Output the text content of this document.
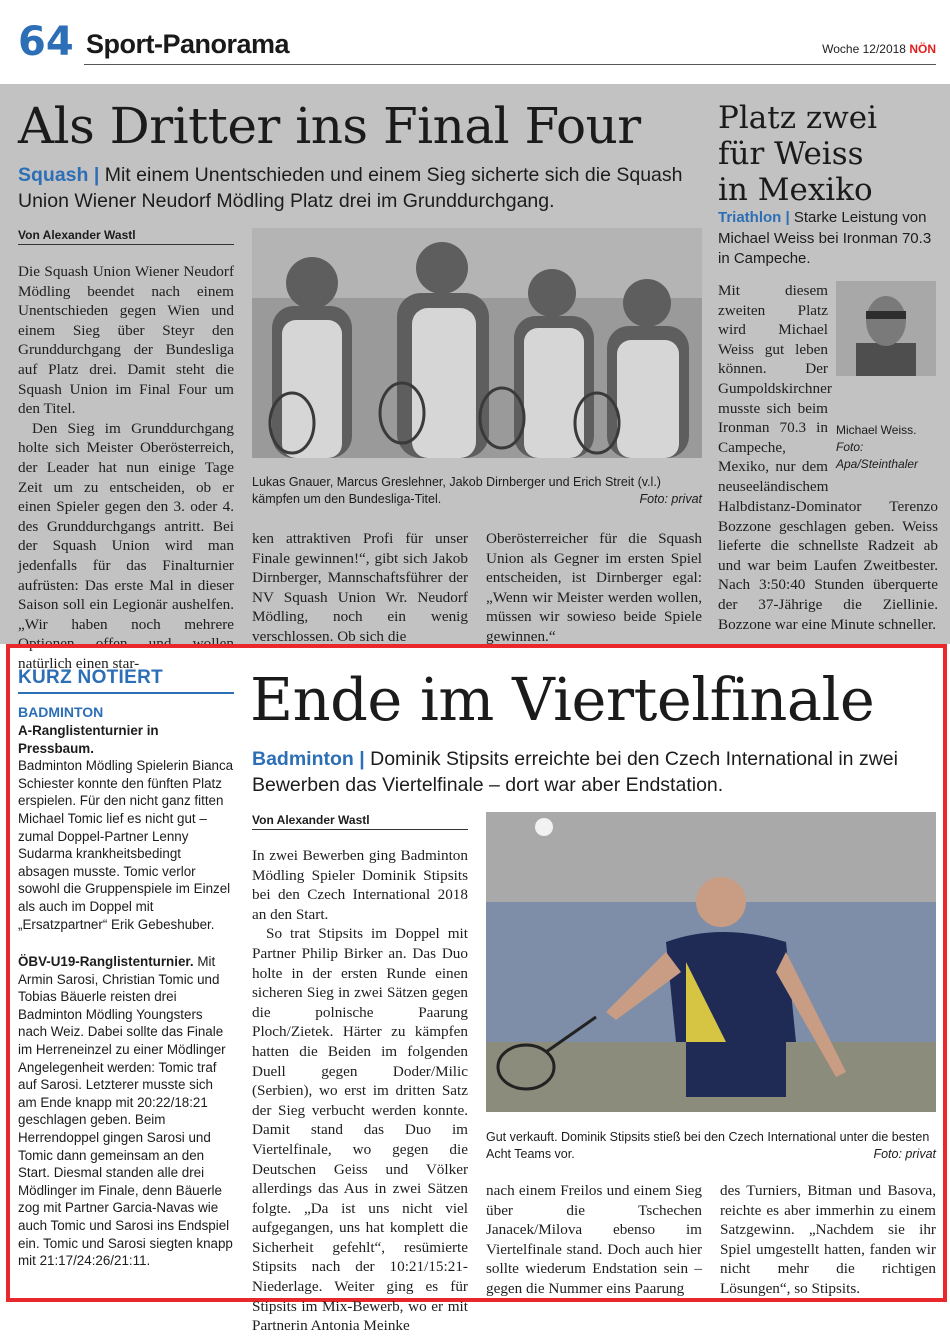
64 Sport-Panorama	Woche 12/2018 NÖN
Als Dritter ins Final Four
Squash | Mit einem Unentschieden und einem Sieg sicherte sich die Squash Union Wiener Neudorf Mödling Platz drei im Grunddurchgang.
Von Alexander Wastl
Die Squash Union Wiener Neudorf Mödling beendet nach einem Unentschieden gegen Wien und einem Sieg über Steyr den Grunddurchgang der Bundesliga auf Platz drei. Damit steht die Squash Union im Final Four um den Titel.
Den Sieg im Grunddurchgang holte sich Meister Oberösterreich, der Leader hat nun einige Tage Zeit um zu entscheiden, ob er einen Spieler gegen den 3. oder 4. des Grunddurchgangs antritt. Bei der Squash Union wird man jedenfalls für das Finalturnier aufrüsten: Das erste Mal in dieser Saison soll ein Legionär aushelfen. „Wir haben noch mehrere Optionen offen und wollen natürlich einen star-
Lukas Gnauer, Marcus Greslehner, Jakob Dirnberger und Erich Streit (v.l.) kämpfen um den Bundesliga-Titel.	Foto: privat
ken attraktiven Profi für unser Finale gewinnen!“, gibt sich Jakob Dirnberger, Mannschaftsführer der NV Squash Union Wr. Neudorf Mödling, noch ein wenig verschlossen. Ob sich die
Oberösterreicher für die Squash Union als Gegner im ersten Spiel entscheiden, ist Dirnberger egal: „Wenn wir Meister werden wollen, müssen wir sowieso beide Spiele gewinnen.“
Platz zwei
für Weiss
in Mexiko
Triathlon | Starke Leistung von Michael Weiss bei Ironman 70.3 in Campeche.
Mit diesem zweiten Platz wird Michael Weiss gut leben können. Der Gumpoldskirchner musste sich beim Ironman 70.3 in Campeche, Mexiko, nur dem neuseeländischem
Michael Weiss.
Foto: Apa/Steinthaler
Halbdistanz-Dominator Terenzo Bozzone geschlagen geben. Weiss lieferte die schnellste Radzeit ab und war beim Laufen Zweitbester. Nach 3:50:40 Stunden überquerte der 37-Jährige die Ziellinie. Bozzone war eine Minute schneller.
KURZ NOTIERT
BADMINTON
A-Ranglistenturnier in Pressbaum.
Badminton Mödling Spielerin Bianca Schiester konnte den fünften Platz erspielen. Für den nicht ganz fitten Michael Tomic lief es nicht gut – zumal Doppel-Partner Lenny Sudarma krankheitsbedingt absagen musste. Tomic verlor sowohl die Gruppenspiele im Einzel als auch im Doppel mit „Ersatzpartner“ Erik Gebeshuber.
ÖBV-U19-Ranglistenturnier. Mit Armin Sarosi, Christian Tomic und Tobias Bäuerle reisten drei Badminton Mödling Youngsters nach Weiz. Dabei sollte das Finale im Herreneinzel zu einer Mödlinger Angelegenheit werden: Tomic traf auf Sarosi. Letzterer musste sich am Ende knapp mit 20:22/18:21 geschlagen geben. Beim Herrendoppel gingen Sarosi und Tomic dann gemeinsam an den Start. Diesmal standen alle drei Mödlinger im Finale, denn Bäuerle zog mit Partner Garcia-Navas wie auch Tomic und Sarosi ins Endspiel ein. Tomic und Sarosi siegten knapp mit 21:17/24:26/21:11.
Ende im Viertelfinale
Badminton | Dominik Stipsits erreichte bei den Czech International in zwei Bewerben das Viertelfinale – dort war aber Endstation.
Von Alexander Wastl
In zwei Bewerben ging Badminton Mödling Spieler Dominik Stipsits bei den Czech International 2018 an den Start.
So trat Stipsits im Doppel mit Partner Philip Birker an. Das Duo holte in der ersten Runde einen sicheren Sieg in zwei Sätzen gegen die polnische Paarung Ploch/Zietek. Härter zu kämpfen hatten die Beiden im folgenden Duell gegen Doder/Milic (Serbien), wo erst im dritten Satz der Sieg verbucht werden konnte. Damit stand das Duo im Viertelfinale, wo gegen die Deutschen Geiss und Völker allerdings das Aus in zwei Sätzen folgte. „Da ist uns nicht viel aufgegangen, uns hat komplett die Sicherheit gefehlt“, resümierte Stipsits nach der 10:21/15:21-Niederlage. Weiter ging es für Stipsits im Mix-Bewerb, wo er mit Partnerin Antonia Meinke
Gut verkauft. Dominik Stipsits stieß bei den Czech International unter die besten Acht Teams vor.	Foto: privat
nach einem Freilos und einem Sieg über die Tschechen Janacek/Milova ebenso im Viertelfinale stand. Doch auch hier sollte wiederum Endstation sein – gegen die Nummer eins Paarung
des Turniers, Bitman und Basova, reichte es aber immerhin zu einem Satzgewinn. „Nachdem sie ihr Spiel umgestellt hatten, fanden wir nicht mehr die richtigen Lösungen“, so Stipsits.
